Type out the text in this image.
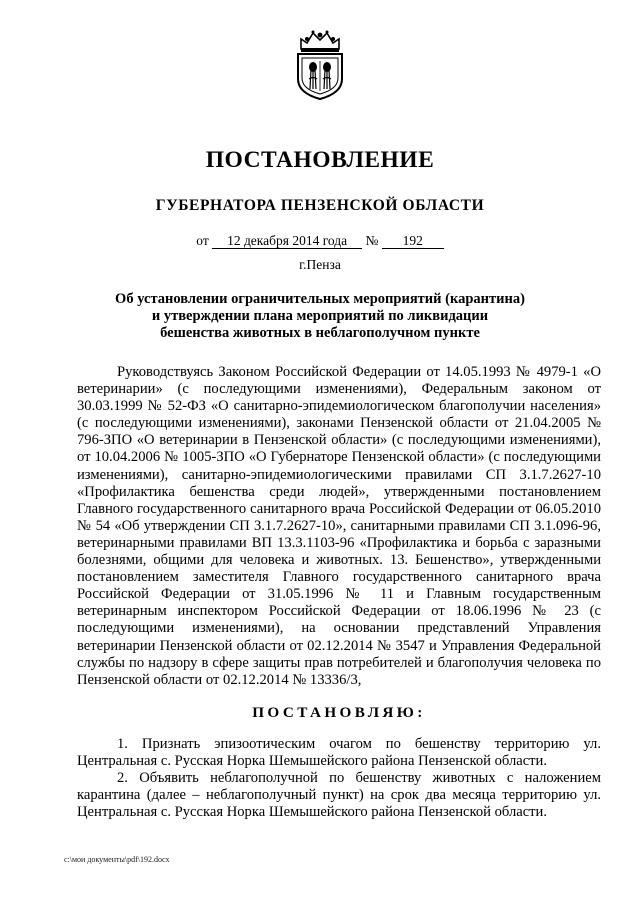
ПОСТАНОВЛЕНИЕ
ГУБЕРНАТОРА ПЕНЗЕНСКОЙ ОБЛАСТИ
от 12 декабря 2014 года № 192
г.Пенза
Об установлении ограничительных мероприятий (карантина)
и утверждении плана мероприятий по ликвидации
бешенства животных в неблагополучном пункте

Руководствуясь Законом Российской Федерации от 14.05.1993 № 4979-1 «О ветеринарии» (с последующими изменениями), Федеральным законом от 30.03.1999 № 52-ФЗ «О санитарно-эпидемиологическом благополучии населения» (с последующими изменениями), законами Пензенской области от 21.04.2005 № 796-ЗПО «О ветеринарии в Пензенской области» (с последующими изменениями), от 10.04.2006 № 1005-ЗПО «О Губернаторе Пензенской области» (с последующими изменениями), санитарно-эпидемиологическими правилами СП 3.1.7.2627-10 «Профилактика бешенства среди людей», утвержденными постановлением Главного государственного санитарного врача Российской Федерации от 06.05.2010 № 54 «Об утверждении СП 3.1.7.2627-10», санитарными правилами СП 3.1.096-96, ветеринарными правилами ВП 13.3.1103-96 «Профилактика и борьба с заразными болезнями, общими для человека и животных. 13. Бешенство», утвержденными постановлением заместителя Главного государственного санитарного врача Российской Федерации от 31.05.1996 № 11 и Главным государственным ветеринарным инспектором Российской Федерации от 18.06.1996 № 23 (с последующими изменениями), на основании представлений Управления ветеринарии Пензенской области от 02.12.2014 № 3547 и Управления Федеральной службы по надзору в сфере защиты прав потребителей и благополучия человека по Пензенской области от 02.12.2014 № 13336/3,

ПОСТАНОВЛЯЮ:

1. Признать эпизоотическим очагом по бешенству территорию ул. Центральная с. Русская Норка Шемышейского района Пензенской области.

2. Объявить неблагополучной по бешенству животных с наложением карантина (далее – неблагополучный пункт) на срок два месяца территорию ул. Центральная с. Русская Норка Шемышейского района Пензенской области.

c:\мои документы\pdf\192.docx
